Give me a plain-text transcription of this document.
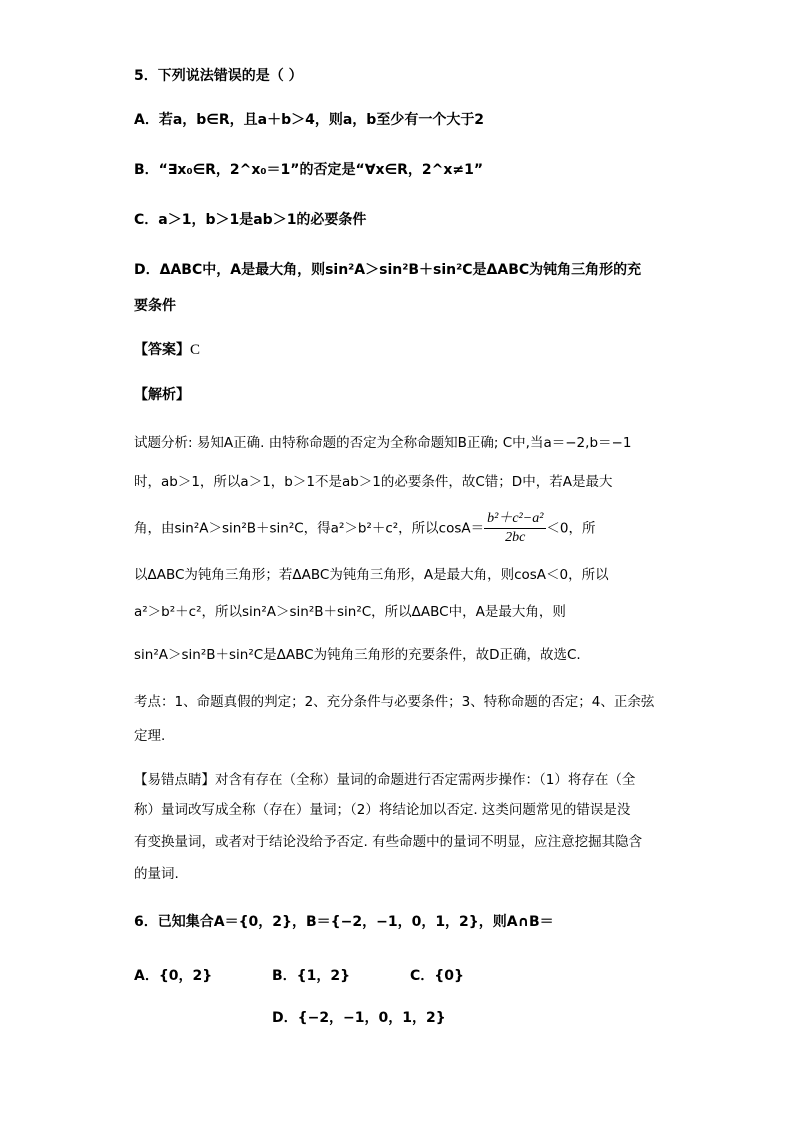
5．下列说法错误的是（ ）
A．若a，b∈R，且a＋b＞4，则a，b至少有一个大于2
B．“∃x₀∈R，2^x₀＝1”的否定是“∀x∈R，2^x≠1”
C．a＞1，b＞1是ab＞1的必要条件
D．ΔABC中，A是最大角，则sin²A＞sin²B＋sin²C是ΔABC为钝角三角形的充
要条件
【答案】C
【解析】
试题分析: 易知A正确. 由特称命题的否定为全称命题知B正确; C中,当a＝−2,b＝−1
时，ab＞1，所以a＞1，b＞1不是ab＞1的必要条件，故C错；D中，若A是最大
角，由sin²A＞sin²B＋sin²C，得a²＞b²＋c²，所以$\cos A= \frac{\text{b²＋c²−a²}}{2bc} <0$，所
以ΔABC为钝角三角形；若ΔABC为钝角三角形，A是最大角，则cosA＜0，所以
a²＞b²＋c²，所以sin²A＞sin²B＋sin²C，所以ΔABC中，A是最大角，则
sin²A＞sin²B＋sin²C是ΔABC为钝角三角形的充要条件，故D正确，故选C.
考点：1、命题真假的判定；2、充分条件与必要条件；3、特称命题的否定；4、正余弦
定理.
【易错点睛】对含有存在（全称）量词的命题进行否定需两步操作：（1）将存在（全
称）量词改写成全称（存在）量词；（2）将结论加以否定. 这类问题常见的错误是没
有变换量词，或者对于结论没给予否定. 有些命题中的量词不明显，应注意挖掘其隐含
的量词.
6．已知集合A＝{0，2}，B＝{−2，−1，0，1，2}，则A∩B＝
A．{0，2}	B．{1，2}	C．{0}
D．{−2，−1，0，1，2}
